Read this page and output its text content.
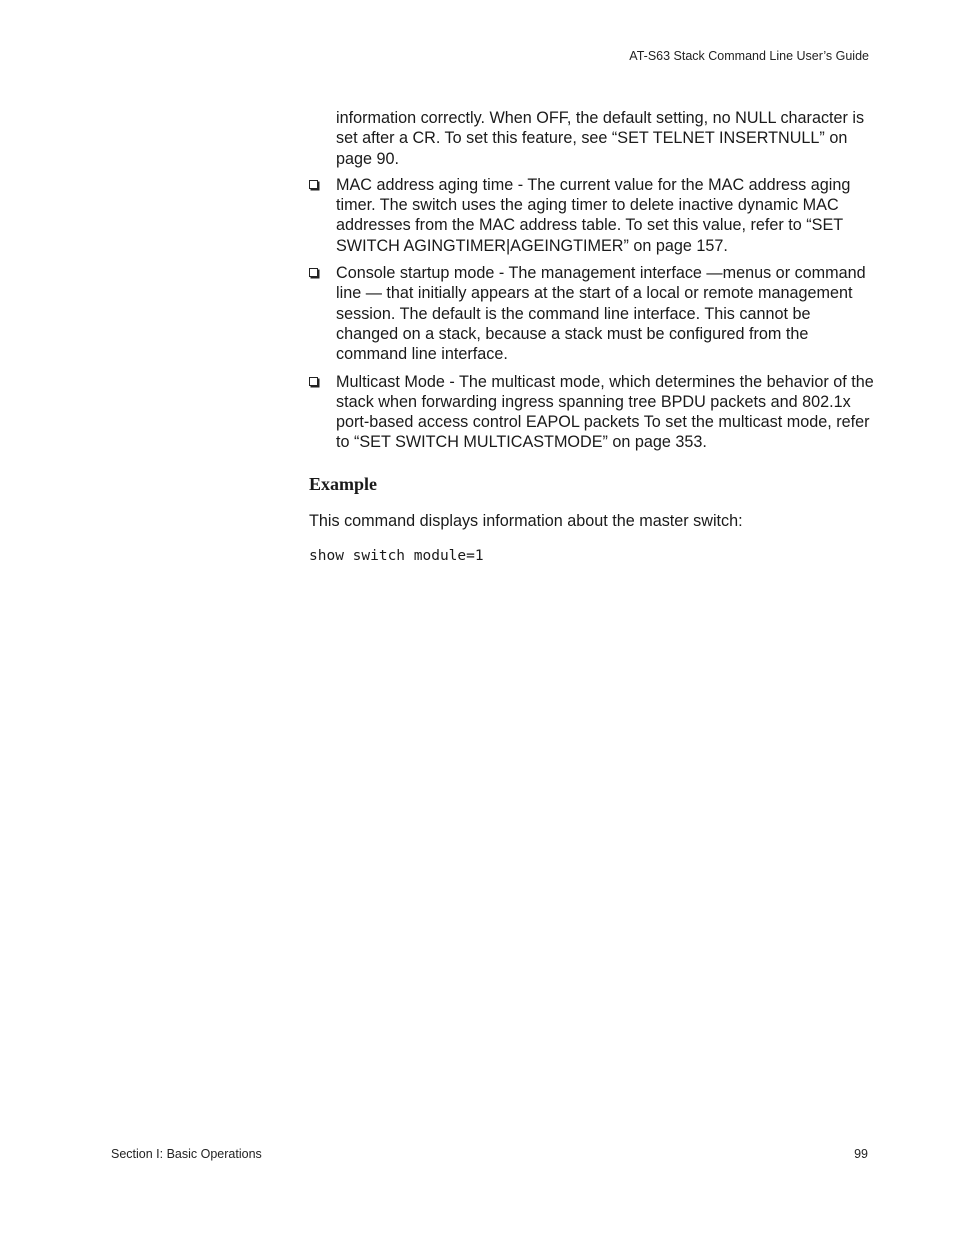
AT-S63 Stack Command Line User’s Guide

information correctly. When OFF, the default setting, no NULL character is set after a CR. To set this feature, see “SET TELNET INSERTNULL” on page 90.

MAC address aging time - The current value for the MAC address aging timer. The switch uses the aging timer to delete inactive dynamic MAC addresses from the MAC address table. To set this value, refer to “SET SWITCH AGINGTIMER|AGEINGTIMER” on page 157.
Console startup mode - The management interface —menus or command line — that initially appears at the start of a local or remote management session. The default is the command line interface. This cannot be changed on a stack, because a stack must be configured from the command line interface.
Multicast Mode - The multicast mode, which determines the behavior of the stack when forwarding ingress spanning tree BPDU packets and 802.1x port-based access control EAPOL packets To set the multicast mode, refer to “SET SWITCH MULTICASTMODE” on page 353.
Example

This command displays information about the master switch:

show switch module=1
Section I: Basic Operations	99
